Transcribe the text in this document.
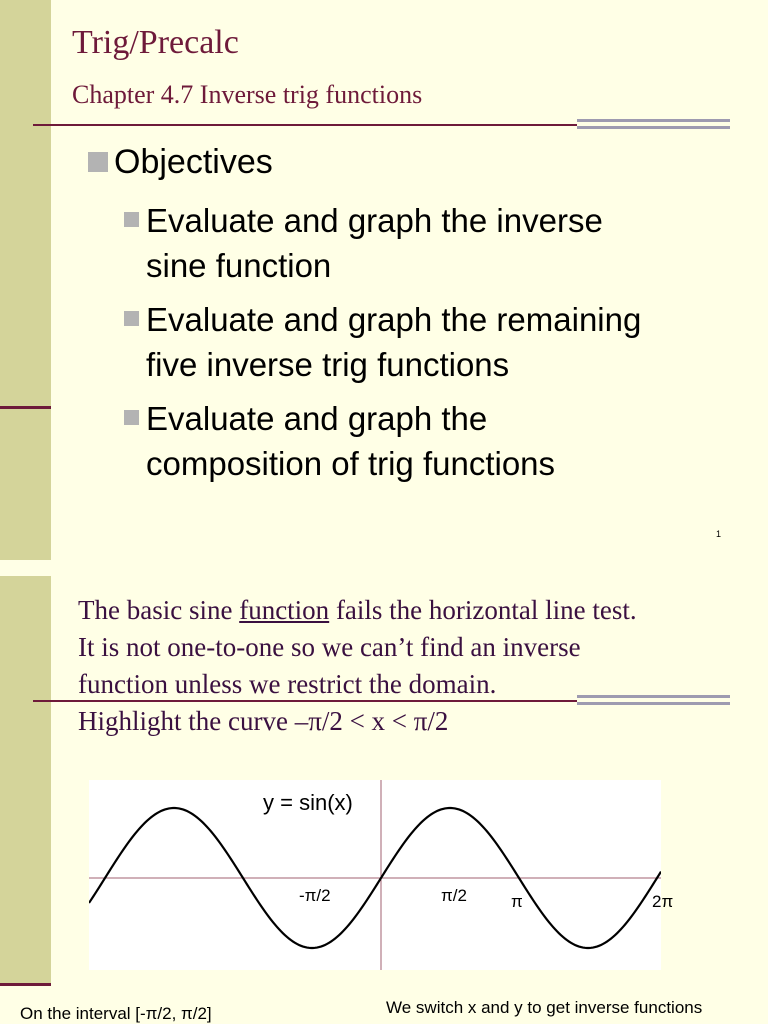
Trig/Precalc
Chapter 4.7 Inverse trig functions
Objectives
Evaluate and graph the inverse
sine function
Evaluate and graph the remaining
five inverse trig functions
Evaluate and graph the
composition of trig functions
1

The basic sine function fails the horizontal line test.

It is not one-to-one so we can’t find an inverse

function unless we restrict the domain.

Highlight the curve –π/2 < x < π/2

y = sin(x)
-π/2	π/2	π	2π
On the interval [-π/2, π/2]	We switch x and y to get inverse functions
